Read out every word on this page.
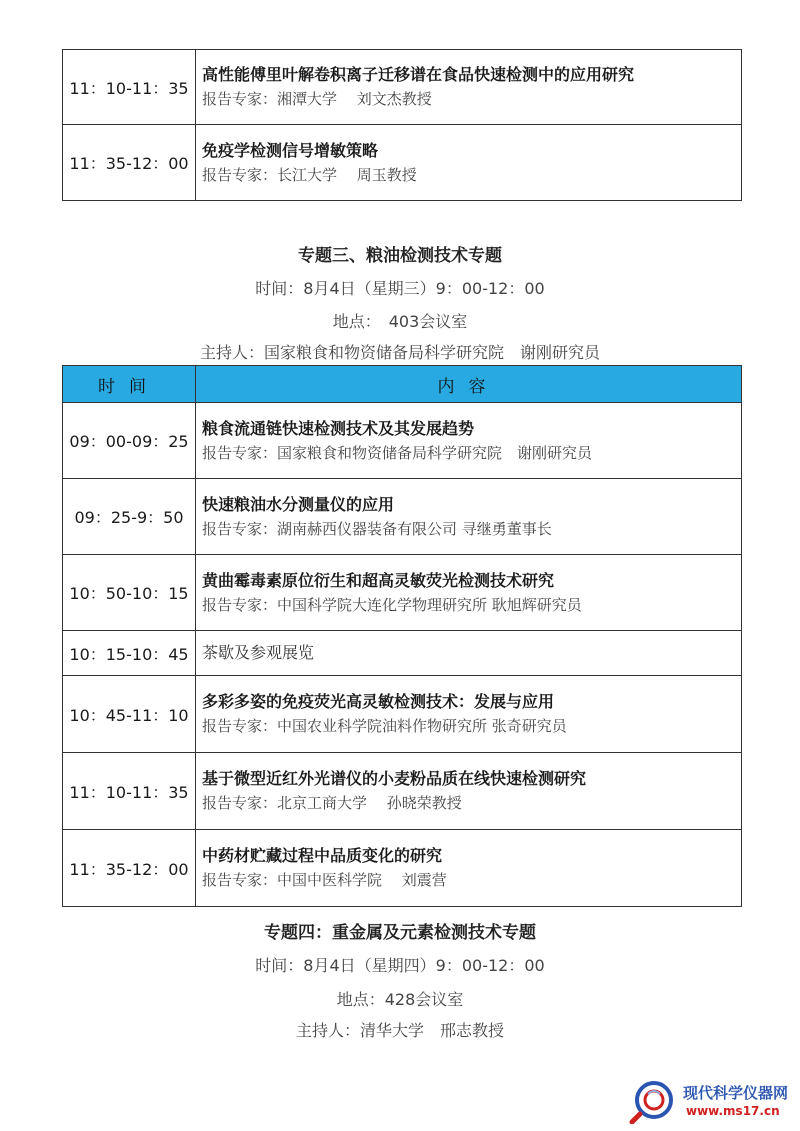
11：10-11：35	高性能傅里叶解卷积离子迁移谱在食品快速检测中的应用研究
报告专家：湘潭大学　 刘文杰教授

11：35-12：00	免疫学检测信号增敏策略
报告专家：长江大学　 周玉教授
专题三、粮油检测技术专题
时间：8月4日（星期三）9：00-12：00
地点：　403会议室
主持人：国家粮食和物资储备局科学研究院　谢刚研究员
时间	内容
09：00-09：25	粮食流通链快速检测技术及其发展趋势
报告专家：国家粮食和物资储备局科学研究院　谢刚研究员

09：25-9：50	快速粮油水分测量仪的应用
报告专家：湖南赫西仪器装备有限公司 寻继勇董事长

10：50-10：15	黄曲霉毒素原位衍生和超高灵敏荧光检测技术研究
报告专家：中国科学院大连化学物理研究所 耿旭辉研究员

10：15-10：45	茶歇及参观展览

10：45-11：10	多彩多姿的免疫荧光高灵敏检测技术：发展与应用
报告专家：中国农业科学院油料作物研究所 张奇研究员

11：10-11：35	基于微型近红外光谱仪的小麦粉品质在线快速检测研究
报告专家：北京工商大学　 孙晓荣教授

11：35-12：00	中药材贮藏过程中品质变化的研究
报告专家：中国中医科学院　 刘震营
专题四：重金属及元素检测技术专题
时间：8月4日（星期四）9：00-12：00
地点：428会议室
主持人：清华大学　邢志教授
现代科学仪器网
www.ms17.cn
